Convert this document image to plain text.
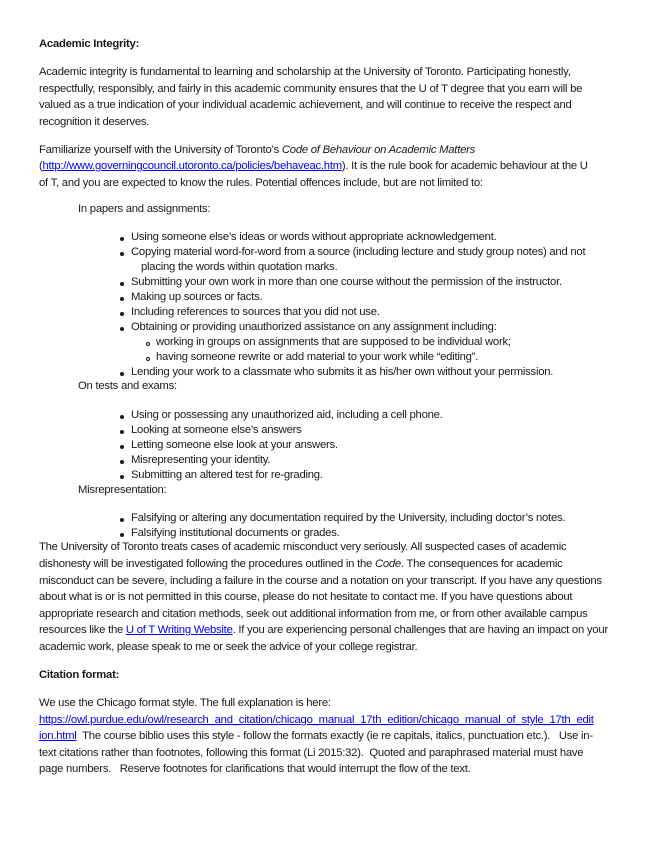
Academic Integrity:
Academic integrity is fundamental to learning and scholarship at the University of Toronto. Participating honestly,
respectfully, responsibly, and fairly in this academic community ensures that the U of T degree that you earn will be
valued as a true indication of your individual academic achievement, and will continue to receive the respect and
recognition it deserves.
Familiarize yourself with the University of Toronto’s Code of Behaviour on Academic Matters
(http://www.governingcouncil.utoronto.ca/policies/behaveac.htm). It is the rule book for academic behaviour at the U
of T, and you are expected to know the rules. Potential offences include, but are not limited to:
In papers and assignments:
Using someone else’s ideas or words without appropriate acknowledgement.
Copying material word-for-word from a source (including lecture and study group notes) and not
placing the words within quotation marks.
Submitting your own work in more than one course without the permission of the instructor.
Making up sources or facts.
Including references to sources that you did not use.
Obtaining or providing unauthorized assistance on any assignment including:
working in groups on assignments that are supposed to be individual work;
having someone rewrite or add material to your work while “editing”.
Lending your work to a classmate who submits it as his/her own without your permission.
On tests and exams:
Using or possessing any unauthorized aid, including a cell phone.
Looking at someone else’s answers
Letting someone else look at your answers.
Misrepresenting your identity.
Submitting an altered test for re-grading.
Misrepresentation:
Falsifying or altering any documentation required by the University, including doctor’s notes.
Falsifying institutional documents or grades.
The University of Toronto treats cases of academic misconduct very seriously. All suspected cases of academic
dishonesty will be investigated following the procedures outlined in the Code. The consequences for academic
misconduct can be severe, including a failure in the course and a notation on your transcript. If you have any questions
about what is or is not permitted in this course, please do not hesitate to contact me. If you have questions about
appropriate research and citation methods, seek out additional information from me, or from other available campus
resources like the U of T Writing Website. If you are experiencing personal challenges that are having an impact on your
academic work, please speak to me or seek the advice of your college registrar.
Citation format:
We use the Chicago format style. The full explanation is here:
https://owl.purdue.edu/owl/research_and_citation/chicago_manual_17th_edition/chicago_manual_of_style_17th_edit
ion.html  The course biblio uses this style - follow the formats exactly (ie re capitals, italics, punctuation etc.).   Use in-
text citations rather than footnotes, following this format (Li 2015:32).  Quoted and paraphrased material must have
page numbers.   Reserve footnotes for clarifications that would interrupt the flow of the text.
